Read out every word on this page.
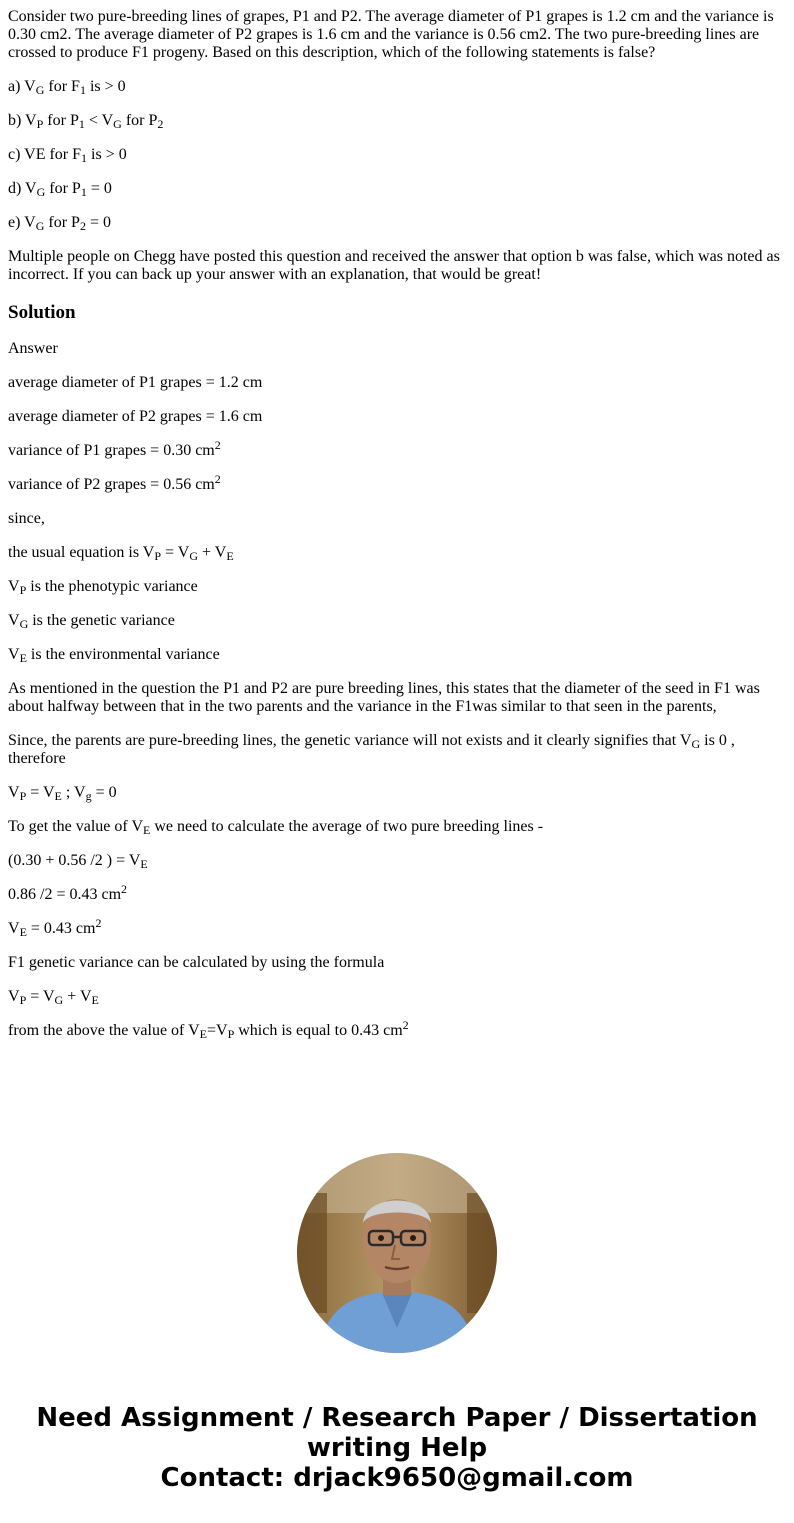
Consider two pure-breeding lines of grapes, P1 and P2. The average diameter of P1 grapes is 1.2 cm and the variance is 0.30 cm2. The average diameter of P2 grapes is 1.6 cm and the variance is 0.56 cm2. The two pure-breeding lines are crossed to produce F1 progeny. Based on this description, which of the following statements is false?

a) $V_G$ for $F_1$ is > 0

b) $V_P$ for $P_1 < V_G$ for $P_2$

c) VE for $F_1$ is > 0

d) $V_G$ for $P_1 = 0$

e) $V_G$ for $P_2 = 0$

Multiple people on Chegg have posted this question and received the answer that option b was false, which was noted as incorrect. If you can back up your answer with an explanation, that would be great!

Solution

Answer

average diameter of P1 grapes = 1.2 cm

average diameter of P2 grapes = 1.6 cm

variance of P1 grapes = 0.30 $cm^2$

variance of P2 grapes = 0.56 $cm^2$

since,

the usual equation is $V_P = V_G + V_E$

$V_P$ is the phenotypic variance

$V_G$ is the genetic variance

$V_E$ is the environmental variance

As mentioned in the question the P1 and P2 are pure breeding lines, this states that the diameter of the seed in F1 was about halfway between that in the two parents and the variance in the F1was similar to that seen in the parents,

Since, the parents are pure-breeding lines, the genetic variance will not exists and it clearly signifies that $V_G$ is 0 , therefore

$V_P = V_E$ ; $V_g = 0$

To get the value of $V_E$ we need to calculate the average of two pure breeding lines -

(0.30 + 0.56 /2 ) = $V_E$

0.86 /2 = 0.43 $cm^2$

$V_E = 0.43$ $cm^2$

F1 genetic variance can be calculated by using the formula

$V_P = V_G + V_E$

from the above the value of $V_E=V_P$ which is equal to 0.43 $cm^2$

Need Assignment / Research Paper / Dissertation
writing Help
Contact: drjack9650@gmail.com
